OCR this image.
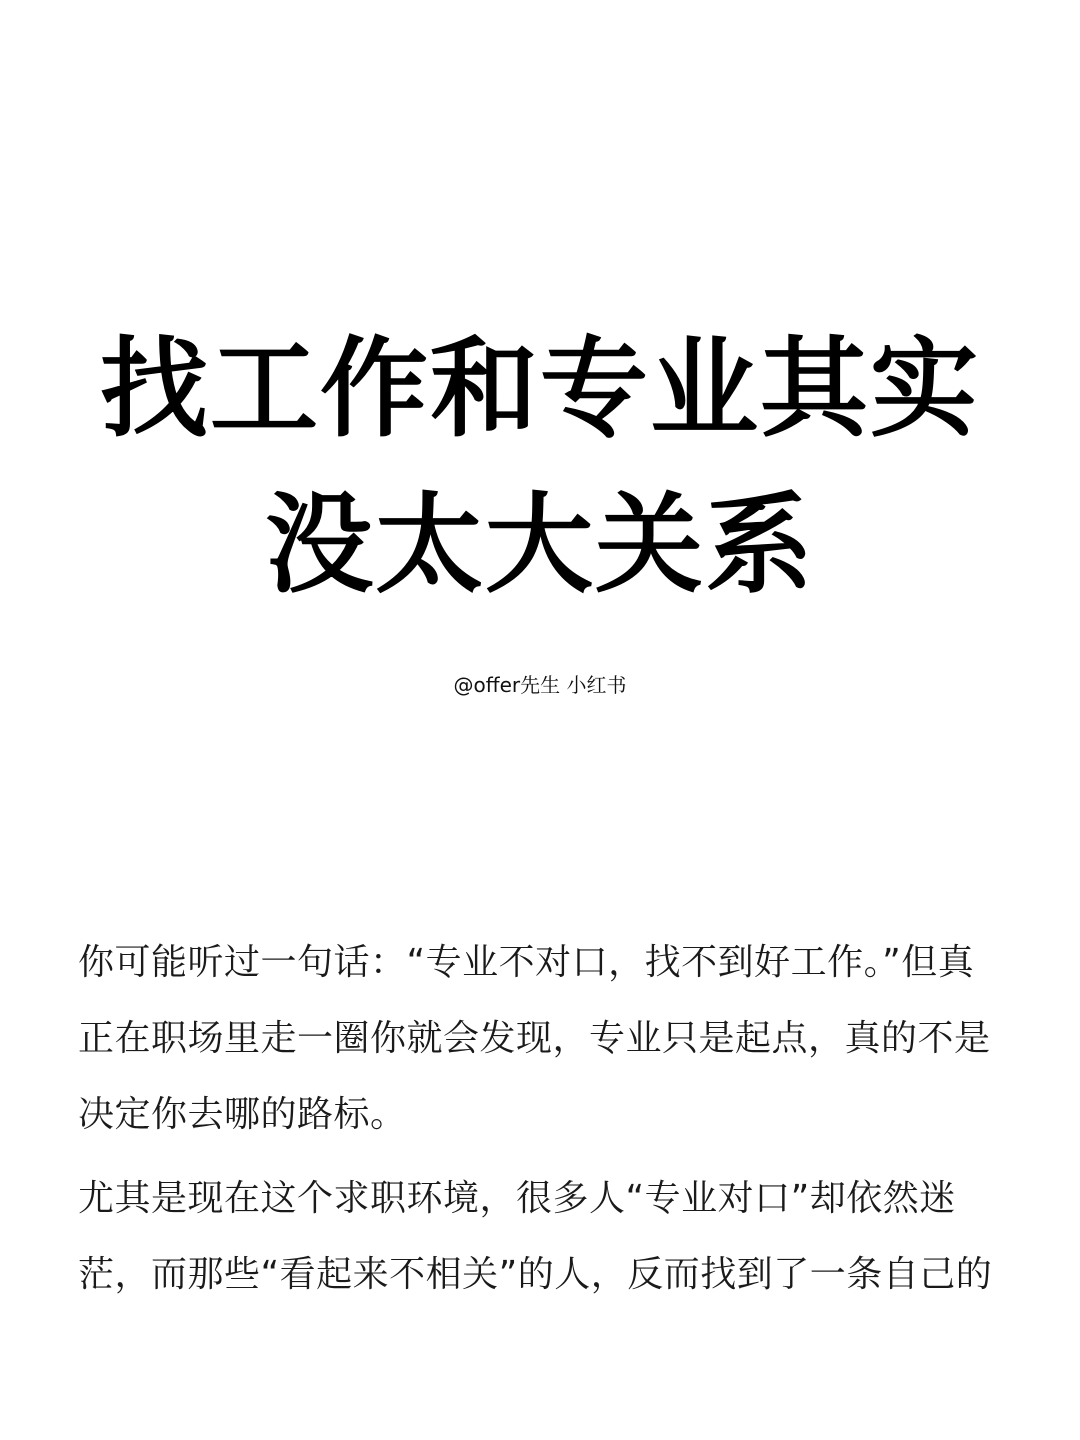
找工作和专业其实
没太大关系
@offer先生 小红书

你可能听过一句话：“专业不对口，找不到好工作。”但真
正在职场里走一圈你就会发现，专业只是起点，真的不是
决定你去哪的路标。

尤其是现在这个求职环境，很多人“专业对口”却依然迷
茫，而那些“看起来不相关”的人，反而找到了一条自己的
